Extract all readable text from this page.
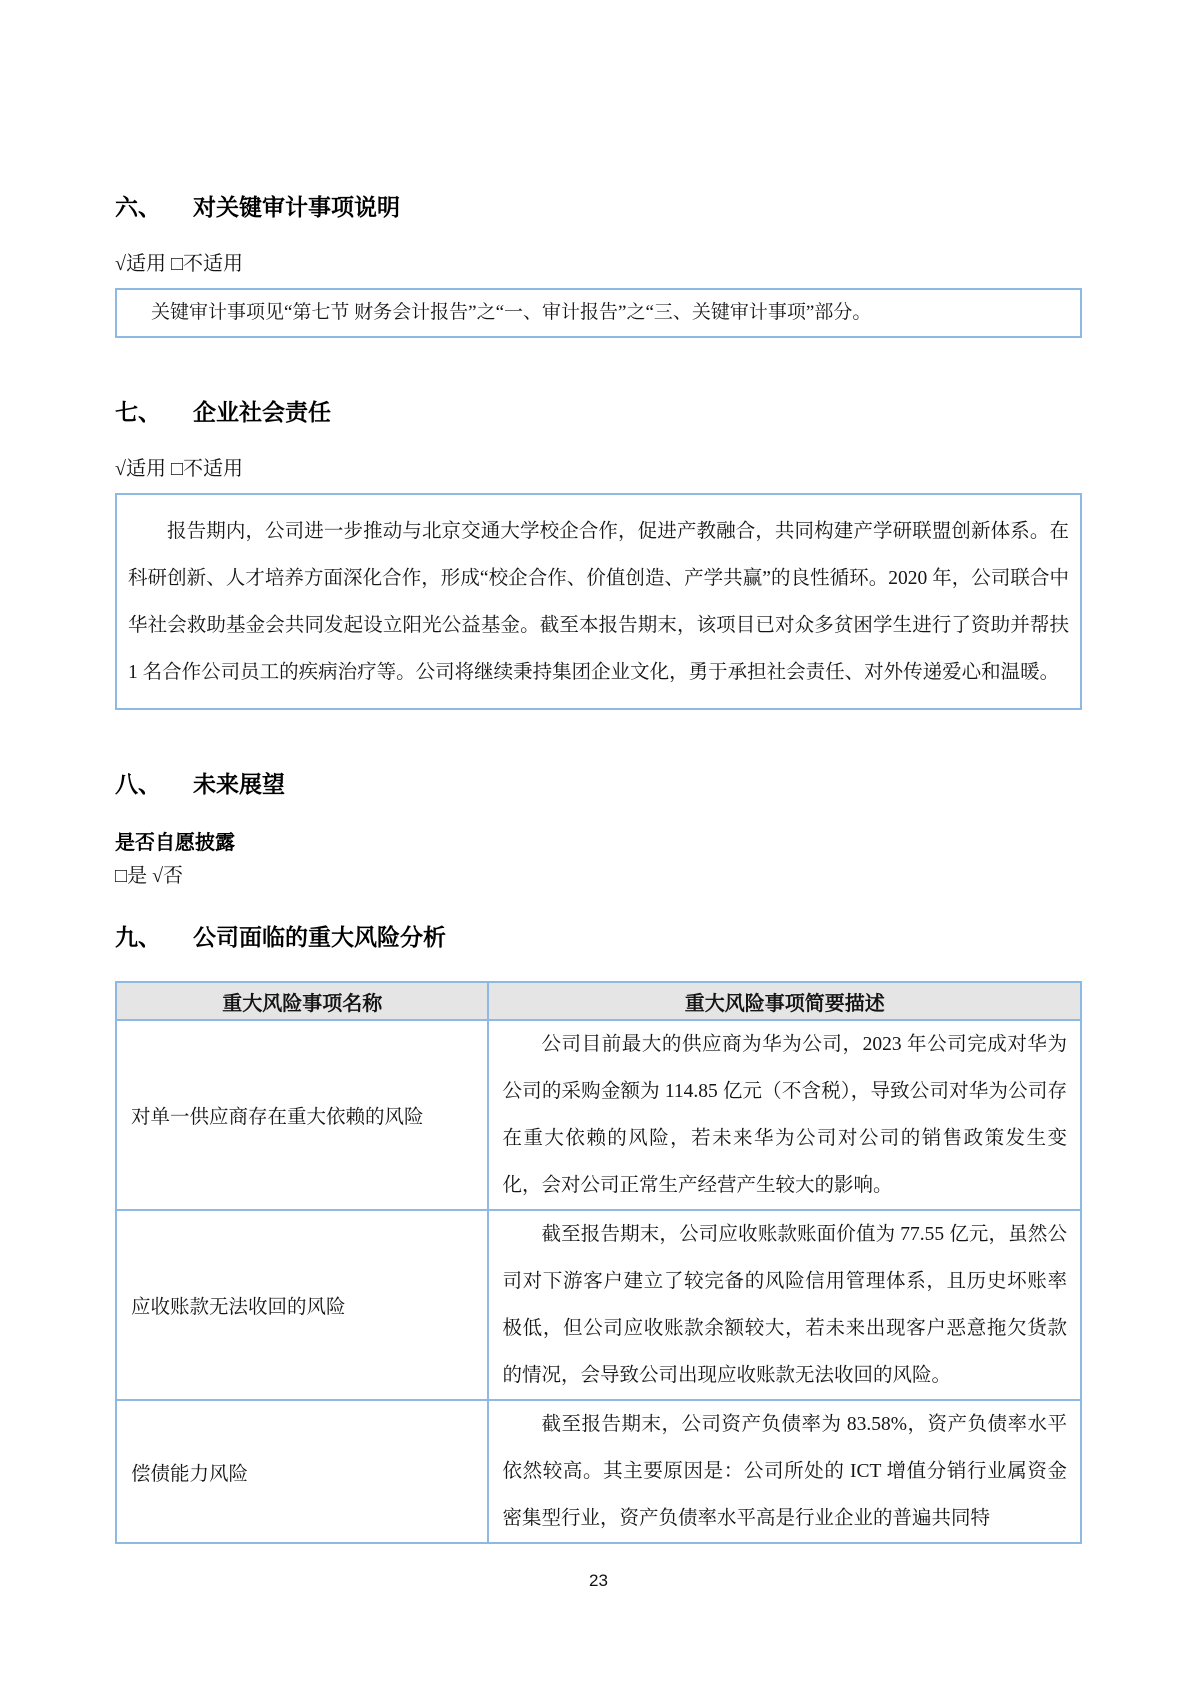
六、	对关键审计事项说明
√适用 □不适用
关键审计事项见“第七节 财务会计报告”之“一、审计报告”之“三、关键审计事项”部分。
七、	企业社会责任
√适用 □不适用
报告期内，公司进一步推动与北京交通大学校企合作，促进产教融合，共同构建产学研联盟创新体系。在科研创新、人才培养方面深化合作，形成“校企合作、价值创造、产学共赢”的良性循环。2020 年，公司联合中华社会救助基金会共同发起设立阳光公益基金。截至本报告期末，该项目已对众多贫困学生进行了资助并帮扶 1 名合作公司员工的疾病治疗等。公司将继续秉持集团企业文化，勇于承担社会责任、对外传递爱心和温暖。
八、	未来展望
是否自愿披露
□是 √否
九、	公司面临的重大风险分析
重大风险事项名称	重大风险事项简要描述
对单一供应商存在重大依赖的风险	公司目前最大的供应商为华为公司，2023 年公司完成对华为公司的采购金额为 114.85 亿元（不含税），导致公司对华为公司存在重大依赖的风险，若未来华为公司对公司的销售政策发生变化，会对公司正常生产经营产生较大的影响。
应收账款无法收回的风险	截至报告期末，公司应收账款账面价值为 77.55 亿元，虽然公司对下游客户建立了较完备的风险信用管理体系，且历史坏账率极低，但公司应收账款余额较大，若未来出现客户恶意拖欠货款的情况，会导致公司出现应收账款无法收回的风险。
偿债能力风险	截至报告期末，公司资产负债率为 83.58%，资产负债率水平依然较高。其主要原因是：公司所处的 ICT 增值分销行业属资金密集型行业，资产负债率水平高是行业企业的普遍共同特
23
